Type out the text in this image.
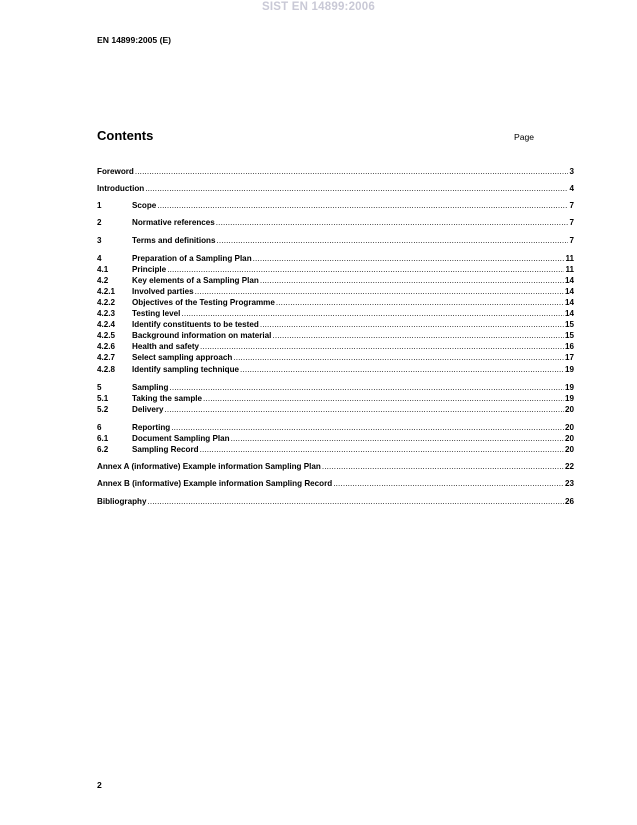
SIST EN 14899:2006
EN 14899:2005 (E)
Contents	Page
Foreword .....	3
Introduction .....	4
1	Scope .....	7
2	Normative references .....	7
3	Terms and definitions .....	7
4	Preparation of a Sampling Plan .....	11
4.1	Principle .....	11
4.2	Key elements of a Sampling Plan .....	14
4.2.1	Involved parties .....	14
4.2.2	Objectives of the Testing Programme .....	14
4.2.3	Testing level .....	14
4.2.4	Identify constituents to be tested .....	15
4.2.5	Background information on material .....	15
4.2.6	Health and safety .....	16
4.2.7	Select sampling approach .....	17
4.2.8	Identify sampling technique .....	19
5	Sampling .....	19
5.1	Taking the sample .....	19
5.2	Delivery .....	20
6	Reporting .....	20
6.1	Document Sampling Plan .....	20
6.2	Sampling Record .....	20
Annex A (informative) Example information Sampling Plan .....	22
Annex B (informative) Example information Sampling Record .....	23
Bibliography .....	26
2
